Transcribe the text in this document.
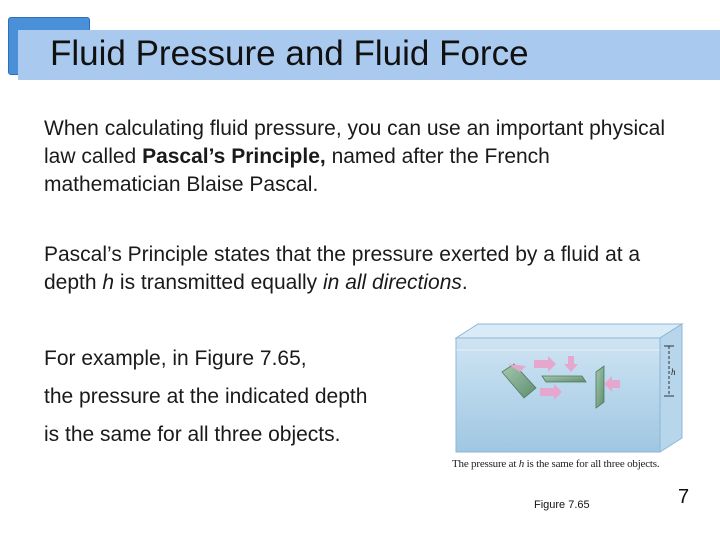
Fluid Pressure and Fluid Force

When calculating fluid pressure, you can use an important physical law called Pascal’s Principle, named after the French mathematician Blaise Pascal.

Pascal’s Principle states that the pressure exerted by a fluid at a depth h is transmitted equally in all directions.

For example, in Figure 7.65,
the pressure at the indicated depth
is the same for all three objects.

h
The pressure at h is the same for all three objects.
Figure 7.65	7
